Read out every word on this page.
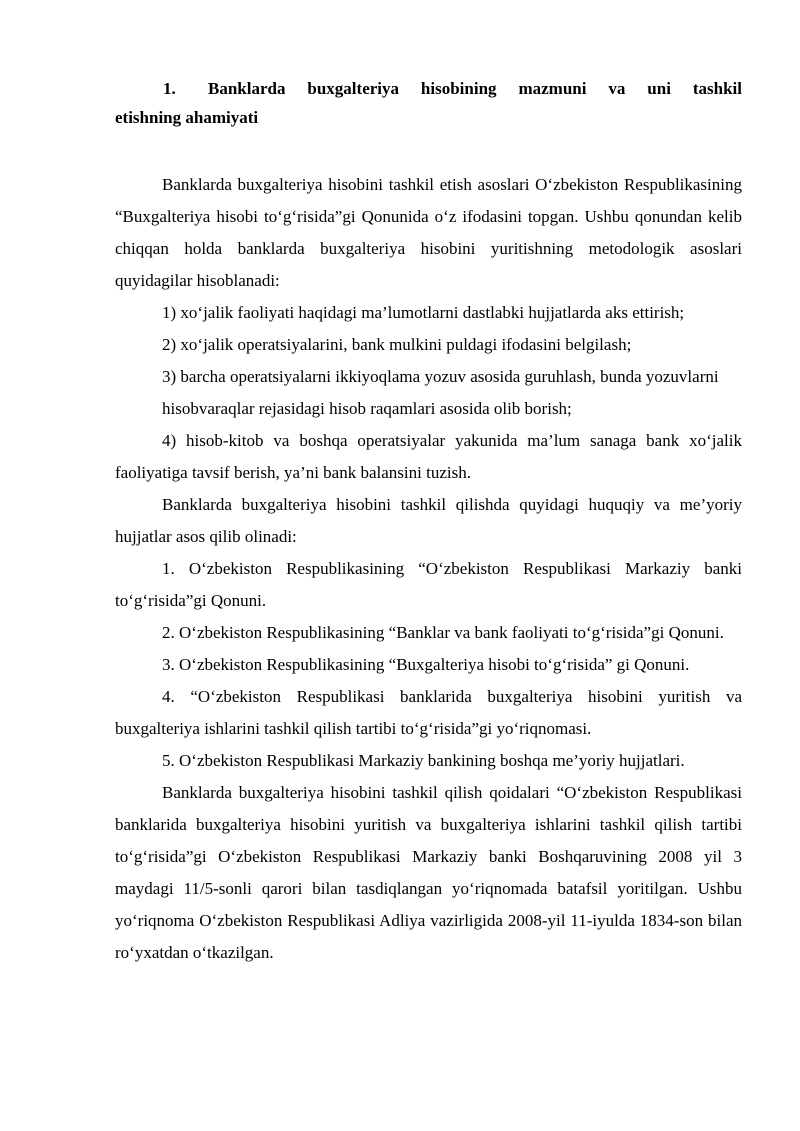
1. Banklarda buxgalteriya hisobining mazmuni va uni tashkil
etishning ahamiyati

Banklarda buxgalteriya hisobini tashkil etish asoslari O‘zbekiston Respublikasining “Buxgalteriya hisobi to‘g‘risida”gi Qonunida o‘z ifodasini topgan. Ushbu qonundan kelib chiqqan holda banklarda buxgalteriya hisobini yuritishning metodologik asoslari quyidagilar hisoblanadi:

1) xo‘jalik faoliyati haqidagi ma’lumotlarni dastlabki hujjatlarda aks ettirish;

2) xo‘jalik operatsiyalarini, bank mulkini puldagi ifodasini belgilash;

3) barcha operatsiyalarni ikkiyoqlama yozuv asosida guruhlash, bunda yozuvlarni hisobvaraqlar rejasidagi hisob raqamlari asosida olib borish;

4) hisob-kitob va boshqa operatsiyalar yakunida ma’lum sanaga bank xo‘jalik faoliyatiga tavsif berish, ya’ni bank balansini tuzish.

Banklarda buxgalteriya hisobini tashkil qilishda quyidagi huquqiy va me’yoriy hujjatlar asos qilib olinadi:

1. O‘zbekiston Respublikasining “O‘zbekiston Respublikasi Markaziy banki to‘g‘risida”gi Qonuni.

2. O‘zbekiston Respublikasining “Banklar va bank faoliyati to‘g‘risida”gi Qonuni.

3. O‘zbekiston Respublikasining “Buxgalteriya hisobi to‘g‘risida” gi Qonuni.

4. “O‘zbekiston Respublikasi banklarida buxgalteriya hisobini yuritish va buxgalteriya ishlarini tashkil qilish tartibi to‘g‘risida”gi yo‘riqnomasi.

5. O‘zbekiston Respublikasi Markaziy bankining boshqa me’yoriy hujjatlari.

Banklarda buxgalteriya hisobini tashkil qilish qoidalari “O‘zbekiston Respublikasi banklarida buxgalteriya hisobini yuritish va buxgalteriya ishlarini tashkil qilish tartibi to‘g‘risida”gi O‘zbekiston Respublikasi Markaziy banki Boshqaruvining 2008 yil 3 maydagi 11/5-sonli qarori bilan tasdiqlangan yo‘riqnomada batafsil yoritilgan. Ushbu yo‘riqnoma O‘zbekiston Respublikasi Adliya vazirligida 2008-yil 11-iyulda 1834-son bilan ro‘yxatdan o‘tkazilgan.
